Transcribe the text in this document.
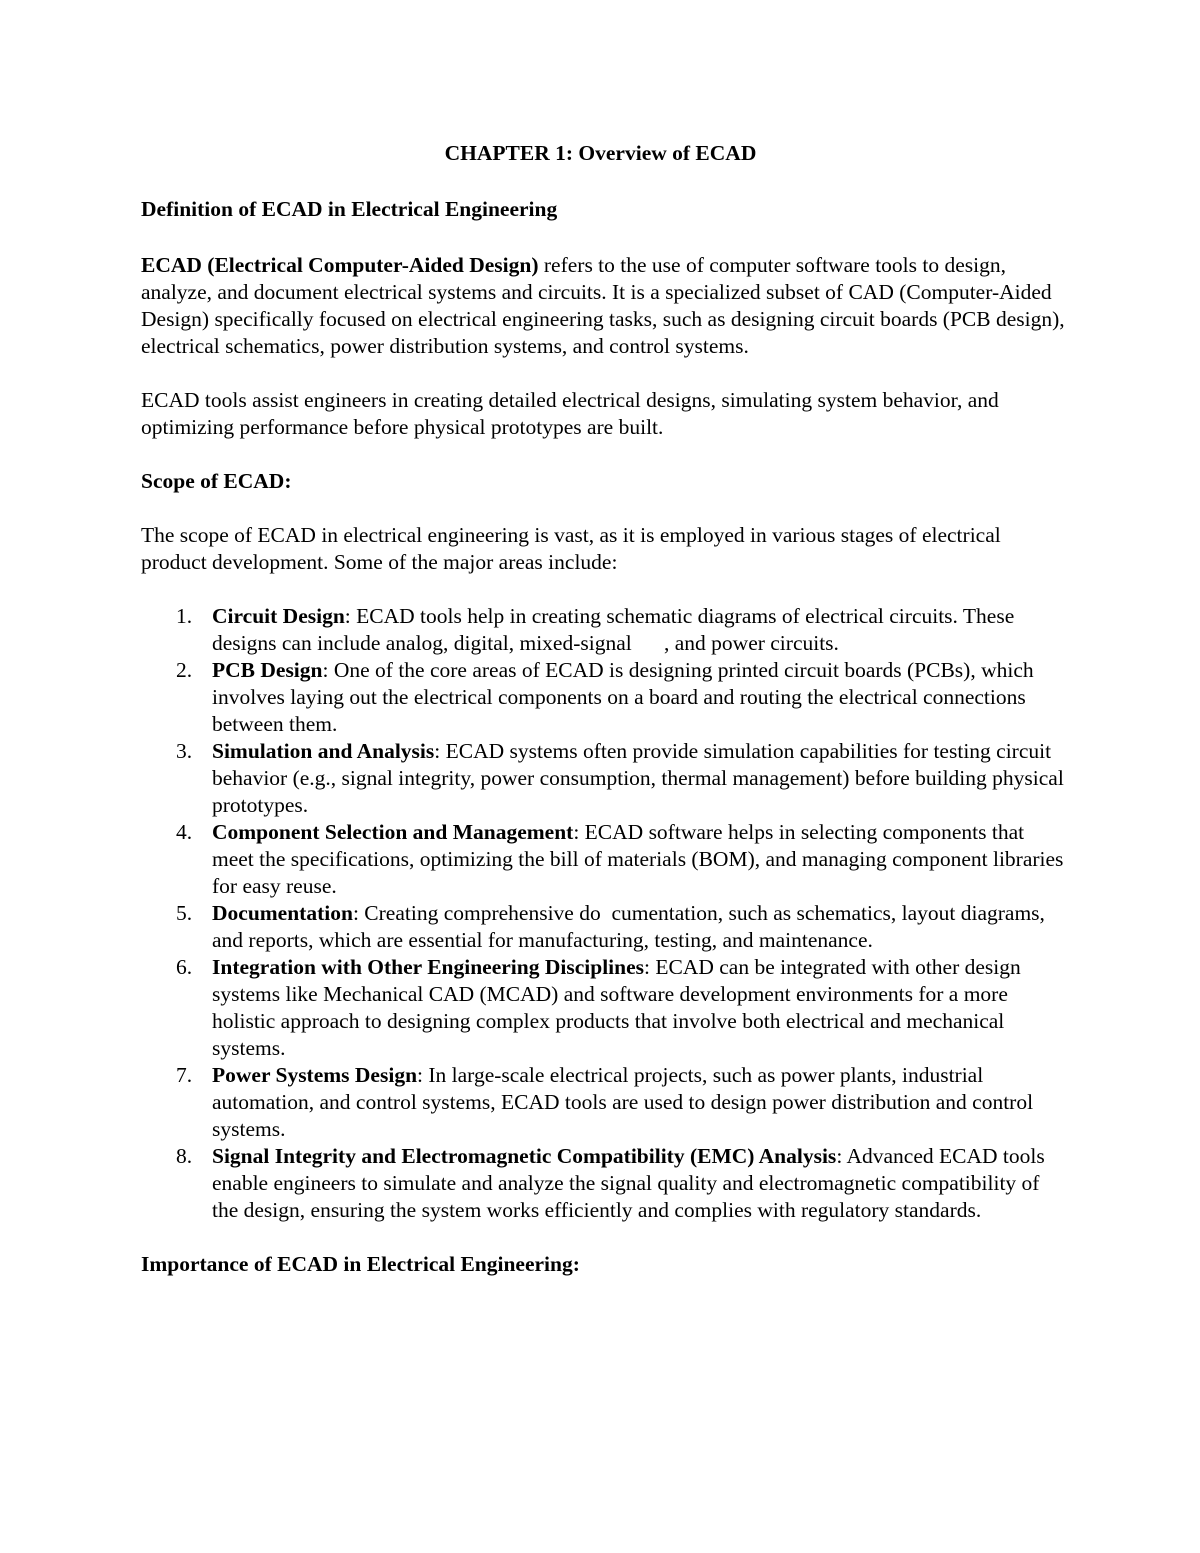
CHAPTER 1: Overview of ECAD

Definition of ECAD in Electrical Engineering

ECAD (Electrical Computer-Aided Design) refers to the use of computer software tools to design, analyze, and document electrical systems and circuits. It is a specialized subset of CAD (Computer-Aided Design) specifically focused on electrical engineering tasks, such as designing circuit boards (PCB design), electrical schematics, power distribution systems, and control systems.

ECAD tools assist engineers in creating detailed electrical designs, simulating system behavior, and optimizing performance before physical prototypes are built.

Scope of ECAD:

The scope of ECAD in electrical engineering is vast, as it is employed in various stages of electrical product development. Some of the major areas include:

1. Circuit Design: ECAD tools help in creating schematic diagrams of electrical circuits. These designs can include analog, digital, mixed-signal      , and power circuits.
2. PCB Design: One of the core areas of ECAD is designing printed circuit boards (PCBs), which involves laying out the electrical components on a board and routing the electrical connections between them.
3. Simulation and Analysis: ECAD systems often provide simulation capabilities for testing circuit behavior (e.g., signal integrity, power consumption, thermal management) before building physical prototypes.
4. Component Selection and Management: ECAD software helps in selecting components that meet the specifications, optimizing the bill of materials (BOM), and managing component libraries for easy reuse.
5. Documentation: Creating comprehensive do  cumentation, such as schematics, layout diagrams, and reports, which are essential for manufacturing, testing, and maintenance.
6. Integration with Other Engineering Disciplines: ECAD can be integrated with other design systems like Mechanical CAD (MCAD) and software development environments for a more holistic approach to designing complex products that involve both electrical and mechanical systems.
7. Power Systems Design: In large-scale electrical projects, such as power plants, industrial automation, and control systems, ECAD tools are used to design power distribution and control systems.
8. Signal Integrity and Electromagnetic Compatibility (EMC) Analysis: Advanced ECAD tools enable engineers to simulate and analyze the signal quality and electromagnetic compatibility of the design, ensuring the system works efficiently and complies with regulatory standards.

Importance of ECAD in Electrical Engineering:
